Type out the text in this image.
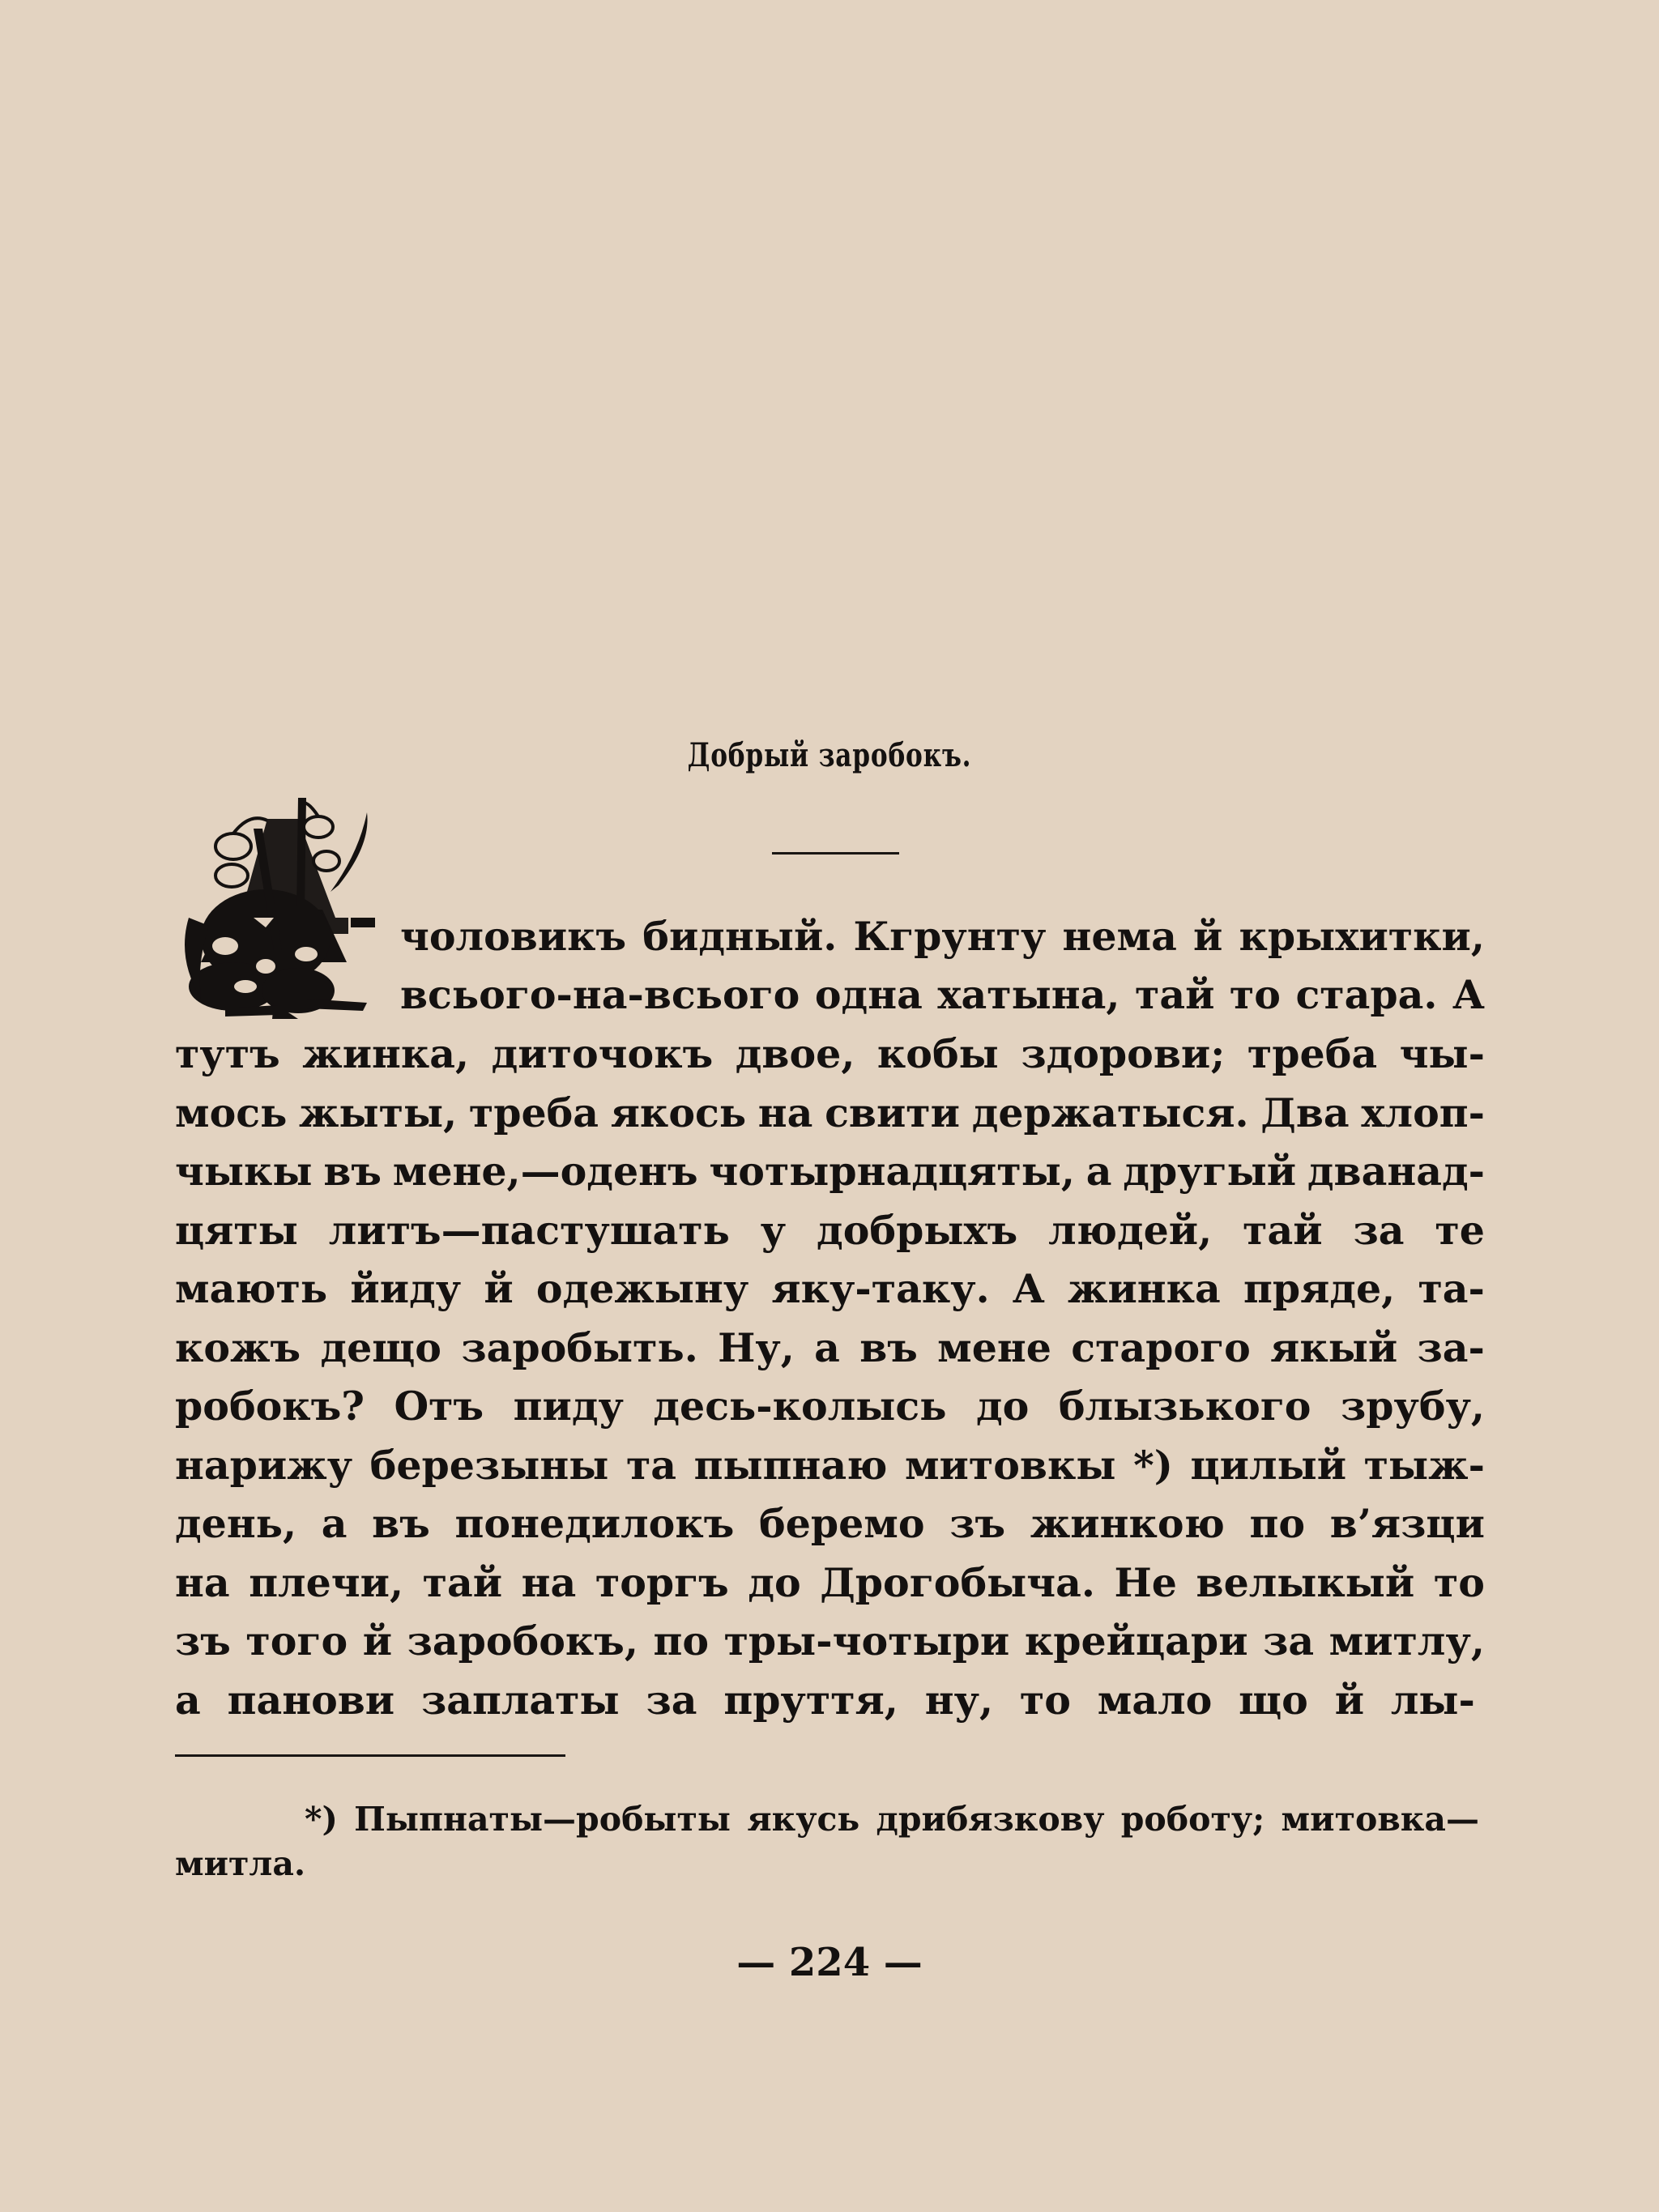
Добрый заробокъ.
чоловикъ бидный. Кгрунту нема й крыхитки,
всього-на-всього одна хатына, тай то стара. А
тутъ жинка, диточокъ двое, кобы здорови; треба чы-
мось жыты, треба якось на свити держатыся. Два хлоп-
чыкы въ мене,—оденъ чотырнадцяты, а другый дванад-
цяты литъ—пастушать у добрыхъ людей, тай за те
мають йиду й одежыну яку-таку. А жинка пряде, та-
кожъ дещо заробыть. Ну, а въ мене старого якый за-
робокъ? Отъ пиду десь-колысь до блызького зрубу,
нарижу березыны та пыпнаю митовкы *) цилый тыж-
день, а въ понедилокъ беремо зъ жинкою по в’язци
на плечи, тай на торгъ до Дрогобыча. Не велыкый то
зъ того й заробокъ, по тры-чотыри крейцари за митлу,
а панови заплаты за пруття, ну, то мало що й лы-
*) Пыпнаты—робыты якусь дрибязкову роботу; митовка—
митла.
— 224 —
